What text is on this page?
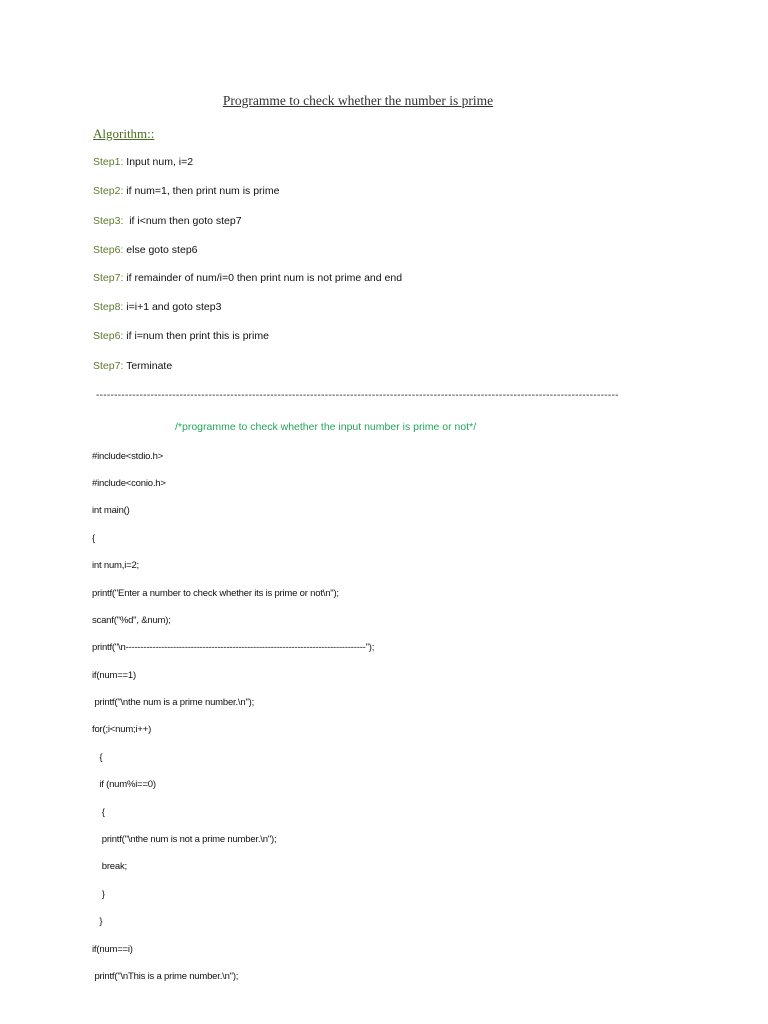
Programme to check whether the number is prime
Algorithm::
Step1: Input num, i=2
Step2: if num=1, then print num is prime
Step3:  if i<num then goto step7
Step6: else goto step6
Step7: if remainder of num/i=0 then print num is not prime and end
Step8: i=i+1 and goto step3
Step6: if i=num then print this is prime
Step7: Terminate
------------------------------------------------------------------------------------------------------------------------------------------------
/*programme to check whether the input number is prime or not*/
#include<stdio.h>
#include<conio.h>
int main()
{
int num,i=2;
printf("Enter a number to check whether its is prime or not\n");
scanf("%d", &num);
printf("\n---------------------------------------------------------------------------------");
if(num==1)
printf("\nthe num is a prime number.\n");
for(;i<num;i++)
{
if (num%i==0)
{
printf("\nthe num is not a prime number.\n");
break;
}
}
if(num==i)
printf("\nThis is a prime number.\n");
